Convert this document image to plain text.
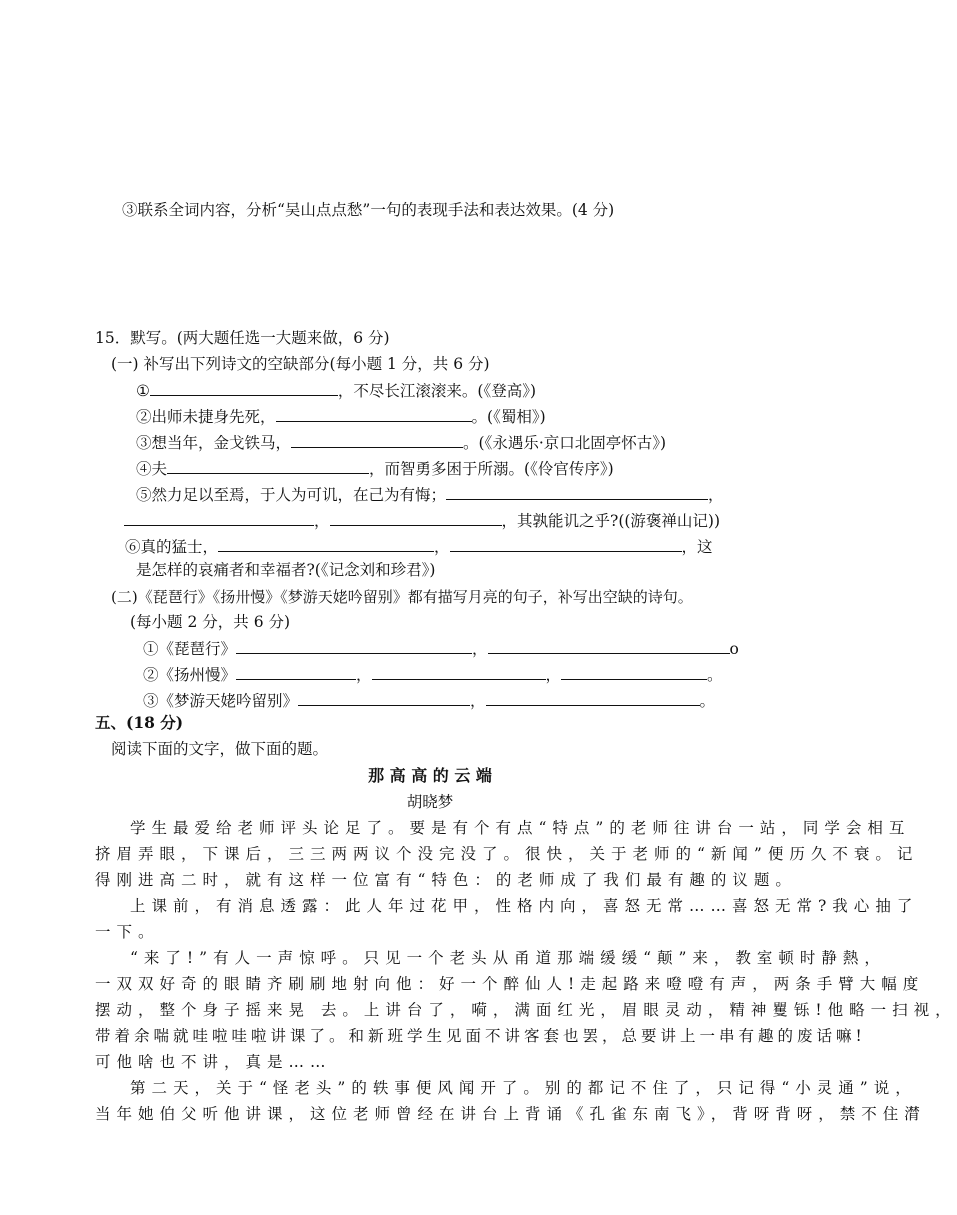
③联系全词内容，分析“吴山点点愁”一句的表现手法和表达效果。(4 分)
15．默写。(两大题任选一大题来做，6 分)
(一) 补写出下列诗文的空缺部分(每小题 1 分，共 6 分)
①	，不尽长江滚滚来。(《登高》)
②出师未捷身先死，	。(《蜀相》)
③想当年，金戈铁马，	。(《永遇乐·京口北固亭怀古》)
④夫	，而智勇多困于所溺。(《伶官传序》)
⑤然力足以至焉，于人为可讥，在己为有悔；	，
，	，其孰能讥之乎?((游褒禅山记))
⑥真的猛士，	，	，这
是怎样的哀痛者和幸福者?(《记念刘和珍君》)
(二)《琵琶行》《扬卅慢》《梦游天姥吟留别》都有描写月亮的句子，补写出空缺的诗句。
(每小题 2 分，共 6 分)
①《琵琶行》	，	o
②《扬州慢》	，	，	。
③《梦游天姥吟留别》	，	。
五、(18 分)
阅读下面的文字，做下面的题。
那 高 高 的 云 端
胡晓梦
学生最爱给老师评头论足了。要是有个有点“特点”的老师往讲台一站，同学会相互
挤眉弄眼，下课后，三三两两议个没完没了。很快，关于老师的“新闻”便历久不衰。记
得刚进高二时，就有这样一位富有“特色：的老师成了我们最有趣的议题。
上课前，有消息透露：此人年过花甲，性格内向，喜怒无常……喜怒无常?我心抽了
一下。
“来了!”有人一声惊呼。只见一个老头从甬道那端缓缓“颠”来，教室顿时静熱，
一双双好奇的眼睛齐刷刷地射向他：好一个醉仙人!走起路来噔噔有声，两条手臂大幅度
摆动，整个身子摇来晃 去。上讲台了，嗬，满面红光，眉眼灵动，精神矍铄!他略一扫视，
带着余喘就哇啦哇啦讲课了。和新班学生见面不讲客套也罢，总要讲上一串有趣的废话嘛!
可他啥也不讲，真是……
第二天，关于“怪老头”的轶事便风闻开了。别的都记不住了，只记得“小灵通”说，
当年她伯父听他讲课，这位老师曾经在讲台上背诵《孔雀东南飞》，背呀背呀，禁不住潸
